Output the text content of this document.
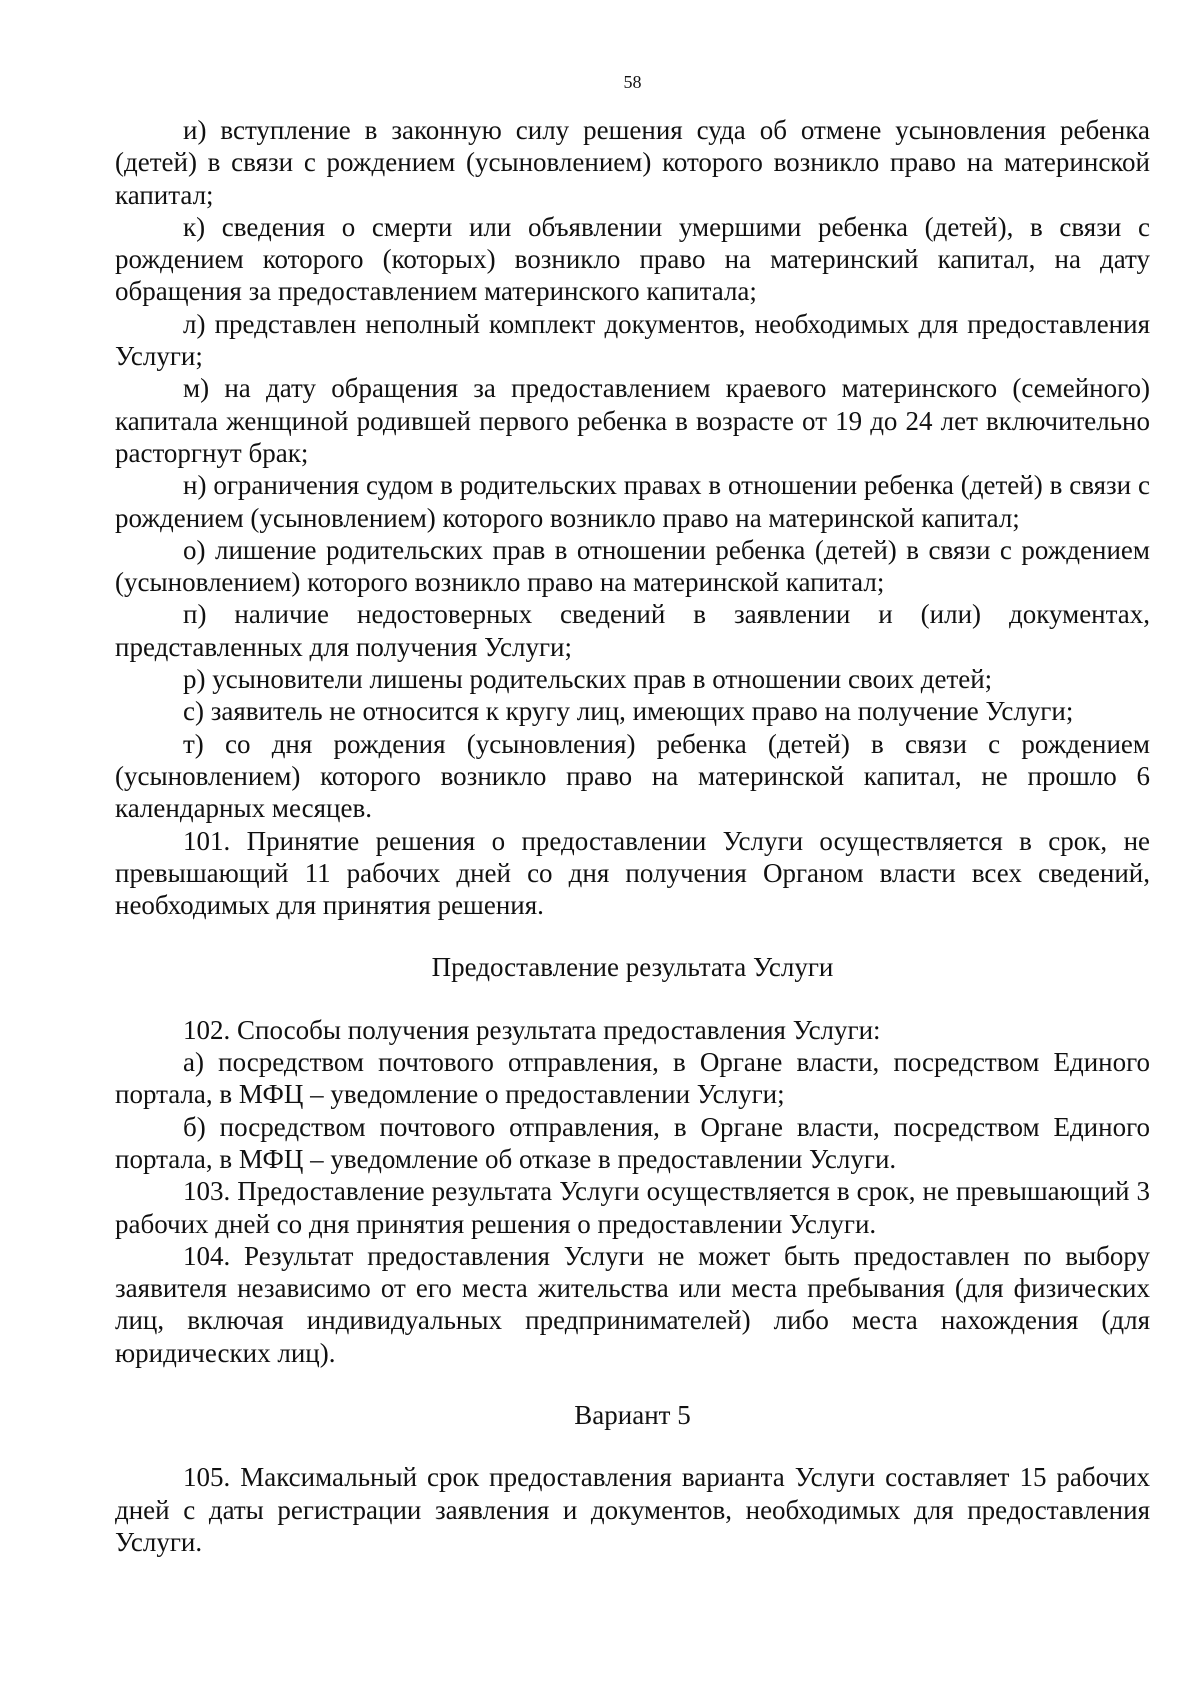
58

и) вступление в законную силу решения суда об отмене усыновления ребенка (детей) в связи с рождением (усыновлением) которого возникло право на материнской капитал;

к) сведения о смерти или объявлении умершими ребенка (детей), в связи с рождением которого (которых) возникло право на материнский капитал, на дату обращения за предоставлением материнского капитала;

л) представлен неполный комплект документов, необходимых для предоставления Услуги;

м) на дату обращения за предоставлением краевого материнского (семейного) капитала женщиной родившей первого ребенка в возрасте от 19 до 24 лет включительно расторгнут брак;

н) ограничения судом в родительских правах в отношении ребенка (детей) в связи с рождением (усыновлением) которого возникло право на материнской капитал;

о) лишение родительских прав в отношении ребенка (детей) в связи с рождением (усыновлением) которого возникло право на материнской капитал;

п) наличие недостоверных сведений в заявлении и (или) документах, представленных для получения Услуги;

р) усыновители лишены родительских прав в отношении своих детей;

с) заявитель не относится к кругу лиц, имеющих право на получение Услуги;

т) со дня рождения (усыновления) ребенка (детей) в связи с рождением (усыновлением) которого возникло право на материнской капитал, не прошло 6 календарных месяцев.

101. Принятие решения о предоставлении Услуги осуществляется в срок, не превышающий 11 рабочих дней со дня получения Органом власти всех сведений, необходимых для принятия решения.

Предоставление результата Услуги

102. Способы получения результата предоставления Услуги:

а) посредством почтового отправления, в Органе власти, посредством Единого портала, в МФЦ – уведомление о предоставлении Услуги;

б) посредством почтового отправления, в Органе власти, посредством Единого портала, в МФЦ – уведомление об отказе в предоставлении Услуги.

103. Предоставление результата Услуги осуществляется в срок, не превышающий 3 рабочих дней со дня принятия решения о предоставлении Услуги.

104. Результат предоставления Услуги не может быть предоставлен по выбору заявителя независимо от его места жительства или места пребывания (для физических лиц, включая индивидуальных предпринимателей) либо места нахождения (для юридических лиц).

Вариант 5

105. Максимальный срок предоставления варианта Услуги составляет 15 рабочих дней с даты регистрации заявления и документов, необходимых для предоставления Услуги.
